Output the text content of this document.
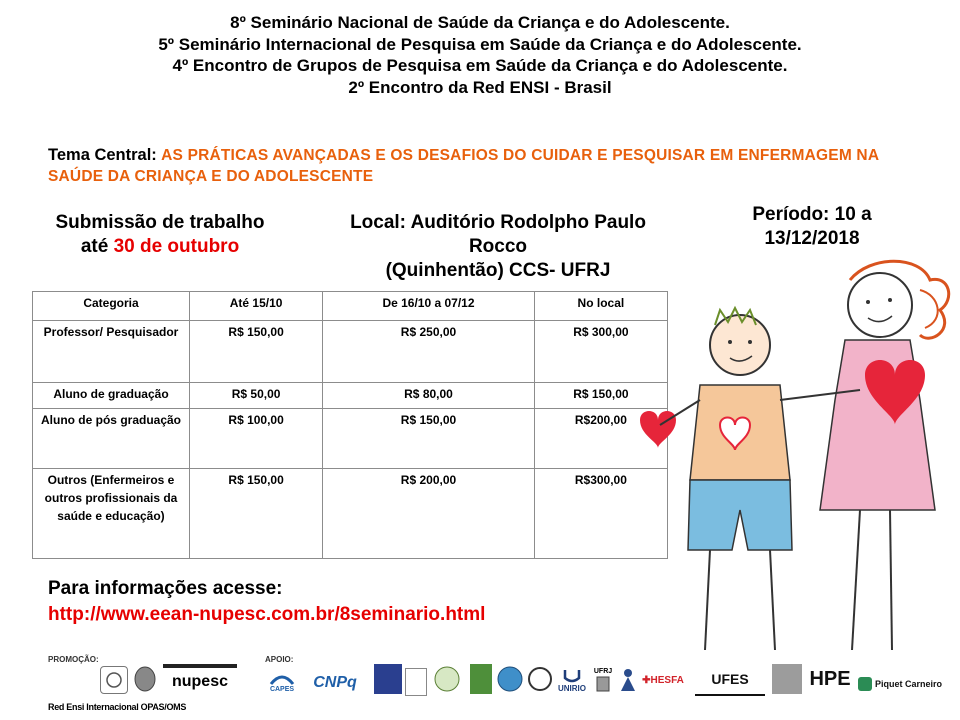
8º Seminário Nacional de Saúde da Criança e do Adolescente.
5º Seminário Internacional de Pesquisa em Saúde da Criança e do Adolescente.
4º Encontro de Grupos de Pesquisa em Saúde da Criança e do Adolescente.
2º Encontro da Red ENSI - Brasil
Tema Central: AS PRÁTICAS AVANÇADAS E OS DESAFIOS DO CUIDAR E PESQUISAR EM ENFERMAGEM NA SAÚDE DA CRIANÇA E DO ADOLESCENTE
Submissão de trabalho até 30 de outubro
Local: Auditório Rodolpho Paulo
Rocco
(Quinhentão) CCS- UFRJ
Período: 10 a
13/12/2018
Categoria	Até 15/10	De 16/10 a 07/12	No local
Professor/ Pesquisador	R$ 150,00	R$ 250,00	R$ 300,00
Aluno de graduação	R$ 50,00	R$ 80,00	R$ 150,00
Aluno de pós graduação	R$ 100,00	R$ 150,00	R$200,00
Outros (Enfermeiros e outros profissionais da saúde e educação)	R$ 150,00	R$ 200,00	R$300,00
Para informações acesse:
http://www.eean-nupesc.com.br/8seminario.html
PROMOÇÃO:	APOIO:
nupesc	CAPES	CNPq	UNIRIO
UFRJ
✚ HESFA	UFES	HPE	Piquet Carneiro
Red Ensi Internacional OPAS/OMS
